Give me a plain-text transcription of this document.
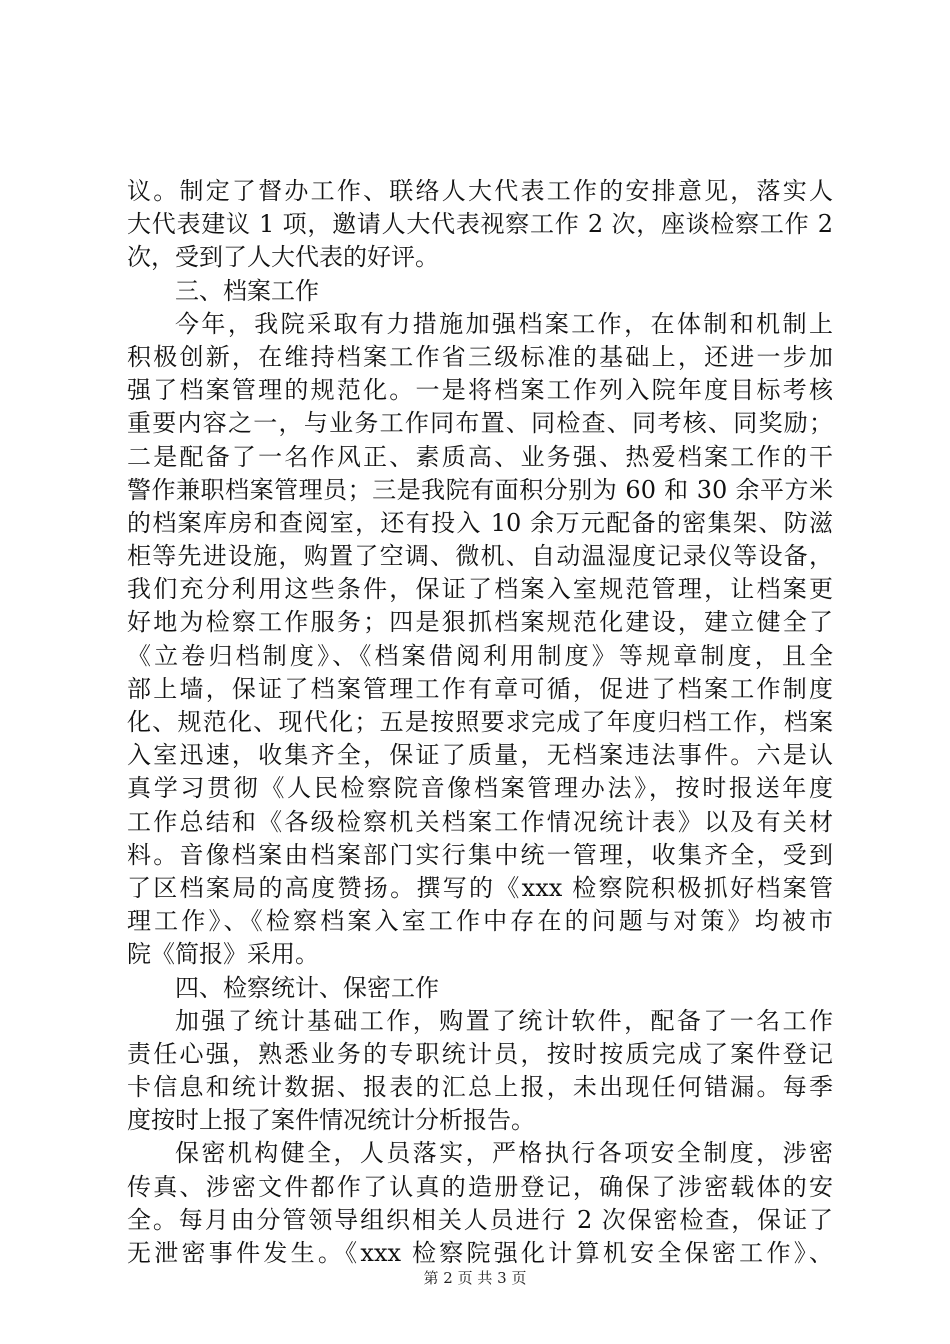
议。制定了督办工作、联络人大代表工作的安排意见，落实人
大代表建议 1 项，邀请人大代表视察工作 2 次，座谈检察工作 2
次，受到了人大代表的好评。
三、档案工作
今年，我院采取有力措施加强档案工作，在体制和机制上
积极创新，在维持档案工作省三级标准的基础上，还进一步加
强了档案管理的规范化。一是将档案工作列入院年度目标考核
重要内容之一，与业务工作同布置、同检查、同考核、同奖励；
二是配备了一名作风正、素质高、业务强、热爱档案工作的干
警作兼职档案管理员；三是我院有面积分别为 60 和 30 余平方米
的档案库房和查阅室，还有投入 10 余万元配备的密集架、防滋
柜等先进设施，购置了空调、微机、自动温湿度记录仪等设备，
我们充分利用这些条件，保证了档案入室规范管理，让档案更
好地为检察工作服务；四是狠抓档案规范化建设，建立健全了
《立卷归档制度》、《档案借阅利用制度》等规章制度，且全
部上墙，保证了档案管理工作有章可循，促进了档案工作制度
化、规范化、现代化；五是按照要求完成了年度归档工作，档案
入室迅速，收集齐全，保证了质量，无档案违法事件。六是认
真学习贯彻《人民检察院音像档案管理办法》，按时报送年度
工作总结和《各级检察机关档案工作情况统计表》以及有关材
料。音像档案由档案部门实行集中统一管理，收集齐全，受到
了区档案局的高度赞扬。撰写的《xxx 检察院积极抓好档案管
理工作》、《检察档案入室工作中存在的问题与对策》均被市
院《简报》采用。
四、检察统计、保密工作
加强了统计基础工作，购置了统计软件，配备了一名工作
责任心强，熟悉业务的专职统计员，按时按质完成了案件登记
卡信息和统计数据、报表的汇总上报，未出现任何错漏。每季
度按时上报了案件情况统计分析报告。
保密机构健全，人员落实，严格执行各项安全制度，涉密
传真、涉密文件都作了认真的造册登记，确保了涉密载体的安
全。每月由分管领导组织相关人员进行 2 次保密检查，保证了
无泄密事件发生。《xxx 检察院强化计算机安全保密工作》、
第 2 页 共 3 页
